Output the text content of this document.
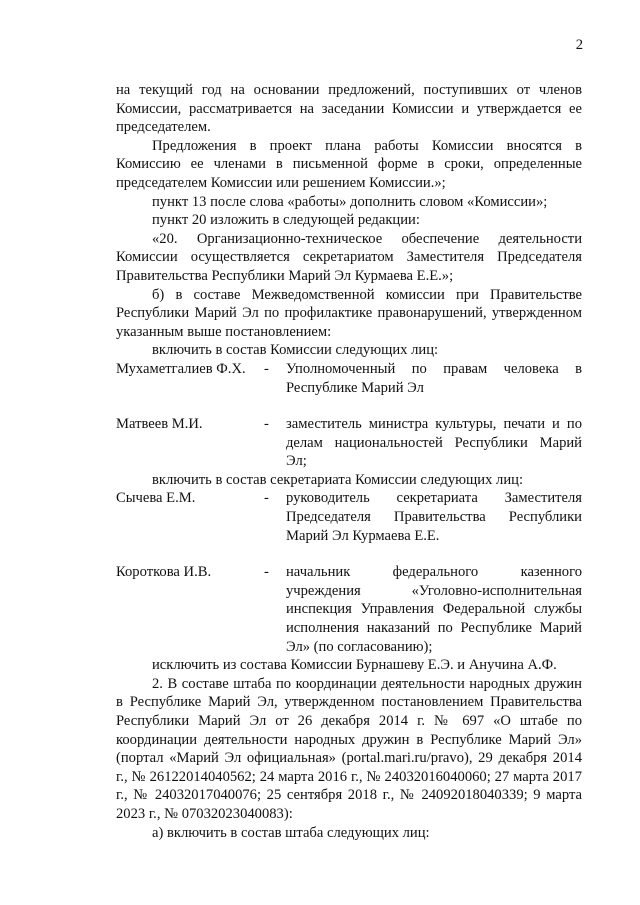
2

на текущий год на основании предложений, поступивших от членов Комиссии, рассматривается на заседании Комиссии и утверждается ее председателем.

Предложения в проект плана работы Комиссии вносятся в Комиссию ее членами в письменной форме в сроки, определенные председателем Комиссии или решением Комиссии.»;

пункт 13 после слова «работы» дополнить словом «Комиссии»;

пункт 20 изложить в следующей редакции:

«20. Организационно-техническое обеспечение деятельности Комиссии осуществляется секретариатом Заместителя Председателя Правительства Республики Марий Эл Курмаева Е.Е.»;

б) в составе Межведомственной комиссии при Правительстве Республики Марий Эл по профилактике правонарушений, утвержденном указанным выше постановлением:

включить в состав Комиссии следующих лиц:

Мухаметгалиев Ф.Х.	-	Уполномоченный по правам человека в Республике Марий Эл
Матвеев М.И.	-	заместитель министра культуры, печати и по делам национальностей Республики Марий Эл;

включить в состав секретариата Комиссии следующих лиц:

Сычева Е.М.	-	руководитель секретариата Заместителя Председателя Правительства Республики Марий Эл Курмаева Е.Е.
Короткова И.В.	-	начальник федерального казенного учреждения «Уголовно-исполнительная инспекция Управления Федеральной службы исполнения наказаний по Республике Марий Эл» (по согласованию);

исключить из состава Комиссии Бурнашеву Е.Э. и Анучина А.Ф.

2. В составе штаба по координации деятельности народных дружин в Республике Марий Эл, утвержденном постановлением Правительства Республики Марий Эл от 26 декабря 2014 г. № 697 «О штабе по координации деятельности народных дружин в Республике Марий Эл» (портал «Марий Эл официальная» (portal.mari.ru/pravo), 29 декабря 2014 г., № 26122014040562; 24 марта 2016 г., № 24032016040060; 27 марта 2017 г., № 24032017040076; 25 сентября 2018 г., № 24092018040339; 9 марта 2023 г., № 07032023040083):

а) включить в состав штаба следующих лиц:
